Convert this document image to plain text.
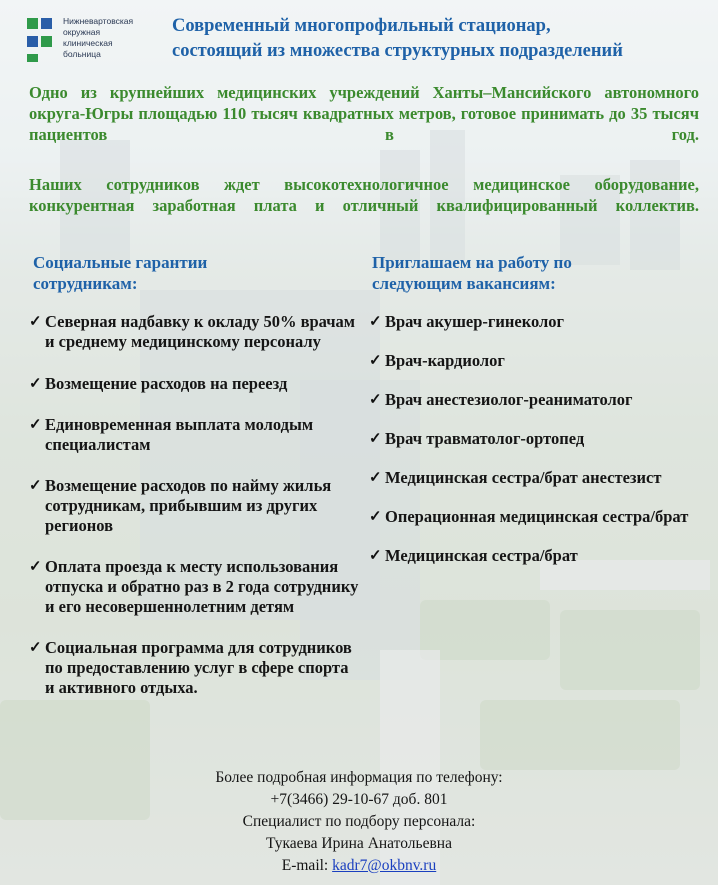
Нижневартовская
окружная
клиническая
больница
Современный многопрофильный стационар,
состоящий из множества структурных подразделений
Одно из крупнейших медицинских учреждений Ханты–Мансийского автономного округа-Югры площадью 110 тысяч квадратных метров, готовое принимать до 35 тысяч пациентов в год.
Наших сотрудников ждет высокотехнологичное медицинское оборудование, конкурентная заработная плата и отличный квалифицированный коллектив.
Социальные гарантии
сотрудникам:
Приглашаем на работу по
следующим вакансиям:
✓ Северная надбавку к окладу 50% врачам и среднему медицинскому персоналу
✓ Возмещение расходов на переезд
✓ Единовременная выплата молодым специалистам
✓ Возмещение расходов по найму жилья сотрудникам, прибывшим из других регионов
✓ Оплата проезда к месту использования отпуска и обратно раз в 2 года сотруднику и его несовершеннолетним детям
✓ Социальная программа для сотрудников по предоставлению услуг в сфере спорта и активного отдыха.
✓ Врач акушер-гинеколог
✓ Врач-кардиолог
✓ Врач анестезиолог-реаниматолог
✓ Врач травматолог-ортопед
✓ Медицинская сестра/брат анестезист
✓ Операционная медицинская сестра/брат
✓ Медицинская сестра/брат
Более подробная информация по телефону:
+7(3466) 29-10-67 доб. 801
Специалист по подбору персонала:
Тукаева Ирина Анатольевна
E-mail: kadr7@okbnv.ru
